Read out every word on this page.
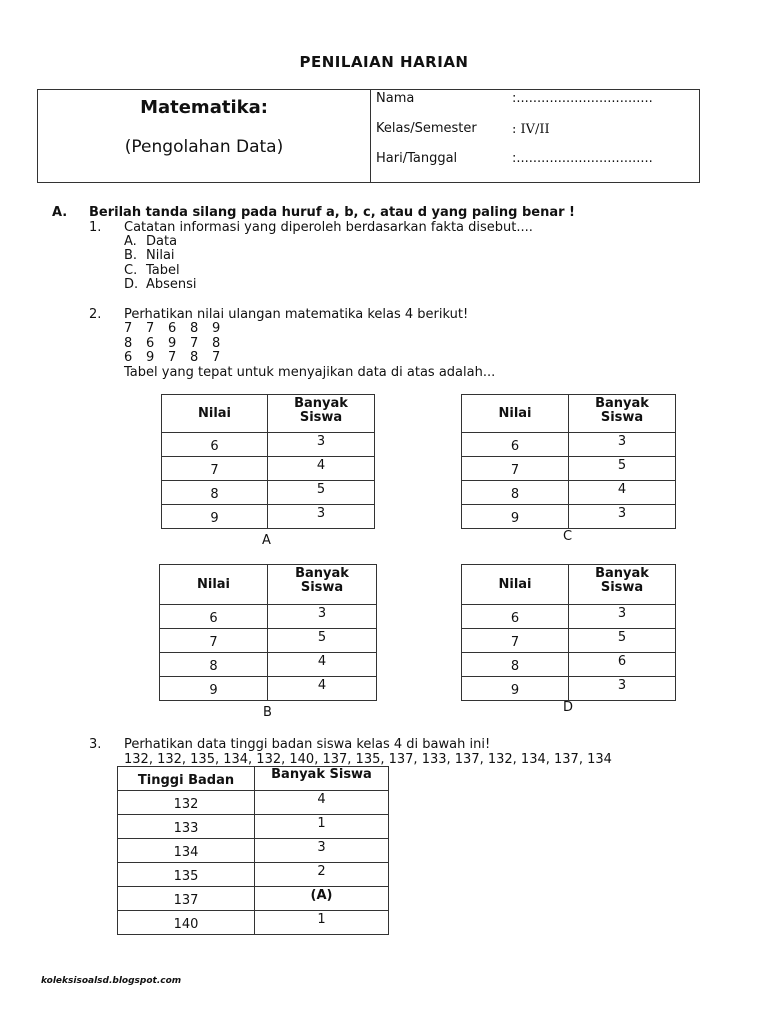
PENILAIAN HARIAN
Matematika:
(Pengolahan Data)
Nama	:.................................
Kelas/Semester	: IV/II
Hari/Tanggal	:.................................
A. Berilah tanda silang pada huruf a, b, c, atau d yang paling benar !
1. Catatan informasi yang diperoleh berdasarkan fakta disebut....
A. Data
B. Nilai
C. Tabel
D. Absensi
2. Perhatikan nilai ulangan matematika kelas 4 berikut!
7 7 6 8 9
8 6 9 7 8
6 9 7 8 7
Tabel yang tepat untuk menyajikan data di atas adalah...
Nilai	Banyak
Siswa
6	3
7	4
8	5
9	3
A
Nilai	Banyak
Siswa
6	3
7	5
8	4
9	3
C
Nilai	Banyak
Siswa
6	3
7	5
8	4
9	4
B
Nilai	Banyak
Siswa
6	3
7	5
8	6
9	3
D
3. Perhatikan data tinggi badan siswa kelas 4 di bawah ini!
132, 132, 135, 134, 132, 140, 137, 135, 137, 133, 137, 132, 134, 137, 134
Tinggi Badan	Banyak Siswa
132	4
133	1
134	3
135	2
137	(A)
140	1
koleksisoalsd.blogspot.com
